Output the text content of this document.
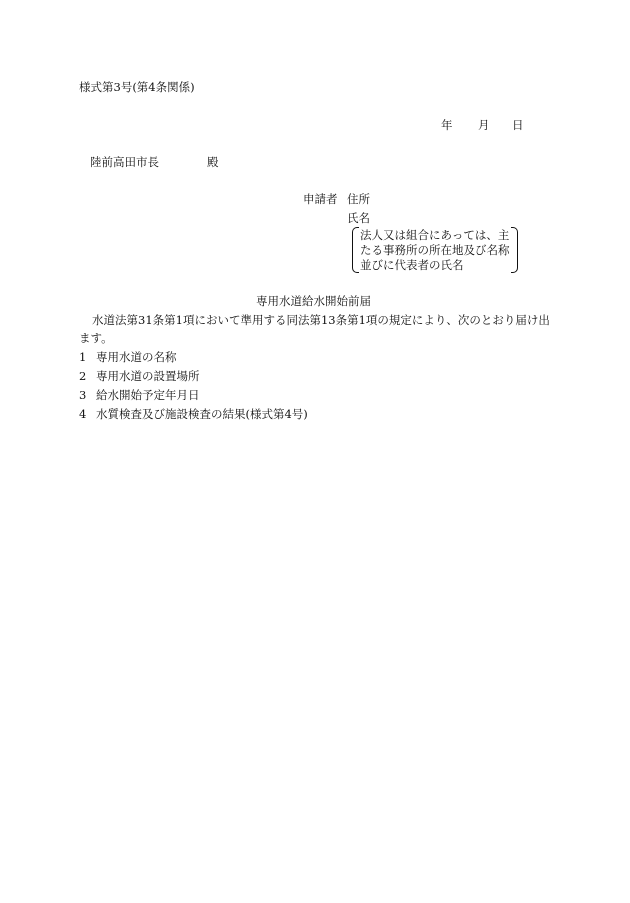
様式第3号(第4条関係)
年 月 日
陸前高田市長	殿
申請者 住所
氏名
法人又は組合にあっては、主
たる事務所の所在地及び名称
並びに代表者の氏名
専用水道給水開始前届
水道法第31条第1項において準用する同法第13条第1項の規定により、次のとおり届け出
ます。
1 専用水道の名称
2 専用水道の設置場所
3 給水開始予定年月日
4 水質検査及び施設検査の結果(様式第4号)
